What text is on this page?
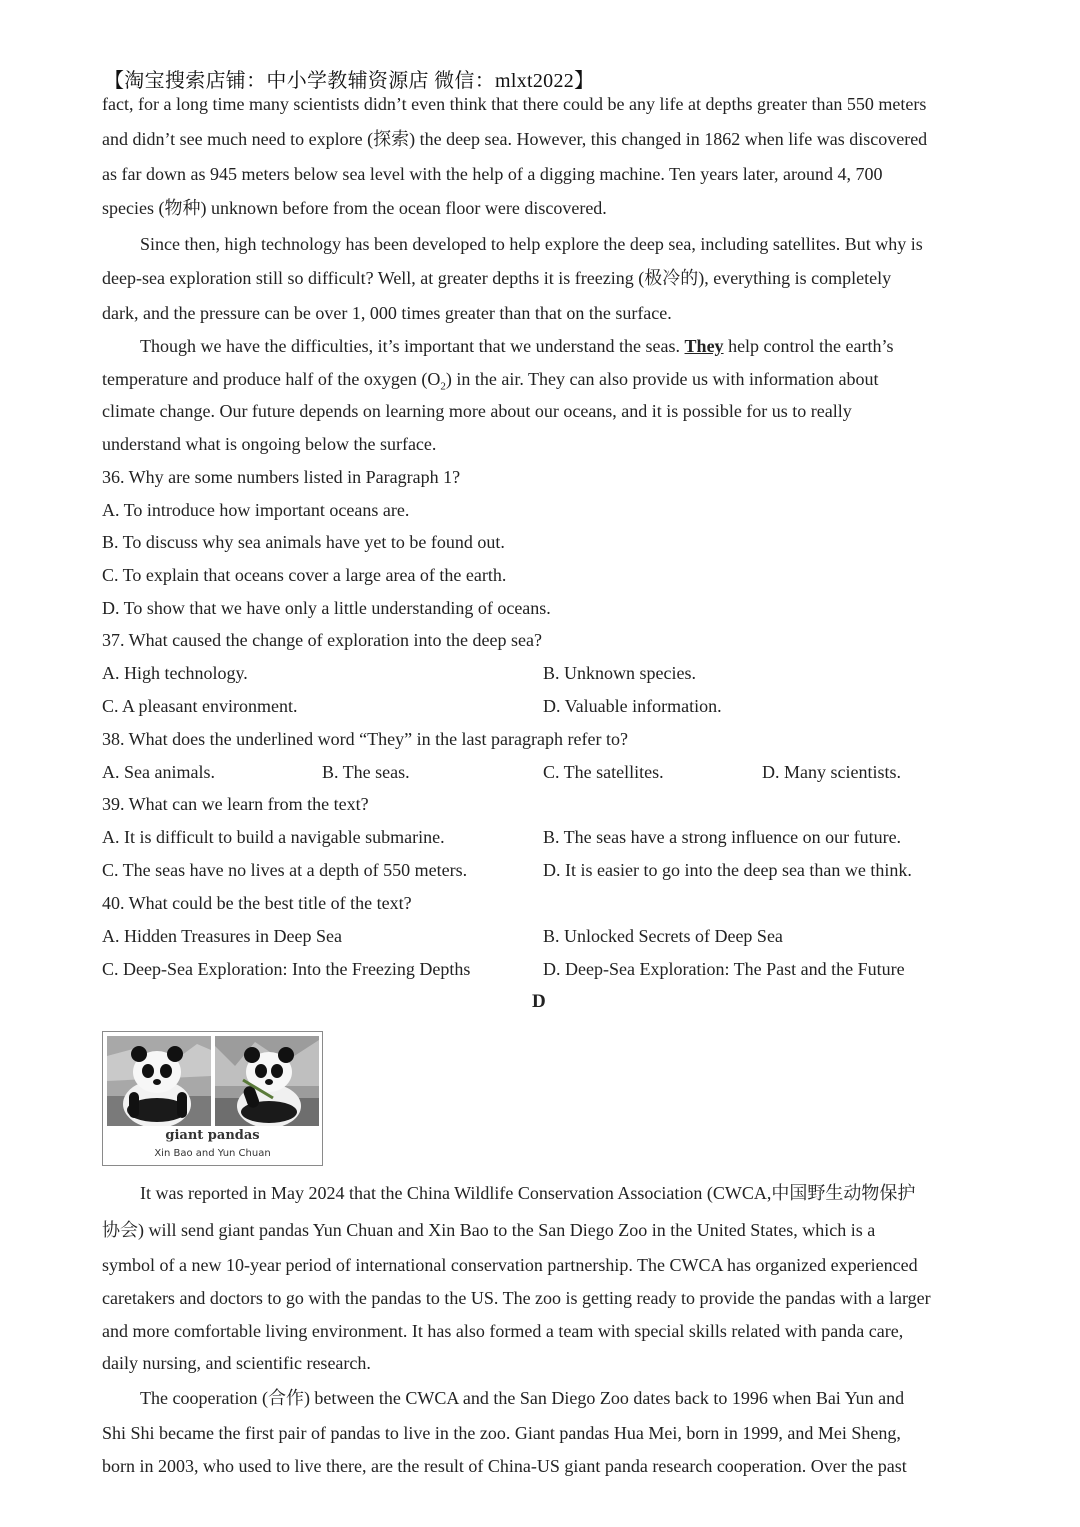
【淘宝搜索店铺：中小学教辅资源店 微信：mlxt2022】
fact, for a long time many scientists didn’t even think that there could be any life at depths greater than 550 meters
and didn’t see much need to explore (探索) the deep sea. However, this changed in 1862 when life was discovered
as far down as 945 meters below sea level with the help of a digging machine. Ten years later, around 4, 700
species (物种) unknown before from the ocean floor were discovered.
Since then, high technology has been developed to help explore the deep sea, including satellites. But why is
deep-sea exploration still so difficult? Well, at greater depths it is freezing (极冷的), everything is completely
dark, and the pressure can be over 1, 000 times greater than that on the surface.
Though we have the difficulties, it’s important that we understand the seas. They help control the earth’s
temperature and produce half of the oxygen $(O_2)$ in the air. They can also provide us with information about
climate change. Our future depends on learning more about our oceans, and it is possible for us to really
understand what is ongoing below the surface.
36. Why are some numbers listed in Paragraph 1?
A. To introduce how important oceans are.
B. To discuss why sea animals have yet to be found out.
C. To explain that oceans cover a large area of the earth.
D. To show that we have only a little understanding of oceans.
37. What caused the change of exploration into the deep sea?
A. High technology.	B. Unknown species.
C. A pleasant environment.	D. Valuable information.
38. What does the underlined word “They” in the last paragraph refer to?
A. Sea animals.	B. The seas.	C. The satellites.	D. Many scientists.
39. What can we learn from the text?
A. It is difficult to build a navigable submarine.	B. The seas have a strong influence on our future.
C. The seas have no lives at a depth of 550 meters.	D. It is easier to go into the deep sea than we think.
40. What could be the best title of the text?
A. Hidden Treasures in Deep Sea	B. Unlocked Secrets of Deep Sea
C. Deep-Sea Exploration: Into the Freezing Depths	D. Deep-Sea Exploration: The Past and the Future
D
giant pandas
Xin Bao and Yun Chuan
It was reported in May 2024 that the China Wildlife Conservation Association (CWCA,中国野生动物保护
协会) will send giant pandas Yun Chuan and Xin Bao to the San Diego Zoo in the United States, which is a
symbol of a new 10-year period of international conservation partnership. The CWCA has organized experienced
caretakers and doctors to go with the pandas to the US. The zoo is getting ready to provide the pandas with a larger
and more comfortable living environment. It has also formed a team with special skills related with panda care,
daily nursing, and scientific research.
The cooperation (合作) between the CWCA and the San Diego Zoo dates back to 1996 when Bai Yun and
Shi Shi became the first pair of pandas to live in the zoo. Giant pandas Hua Mei, born in 1999, and Mei Sheng,
born in 2003, who used to live there, are the result of China-US giant panda research cooperation. Over the past
